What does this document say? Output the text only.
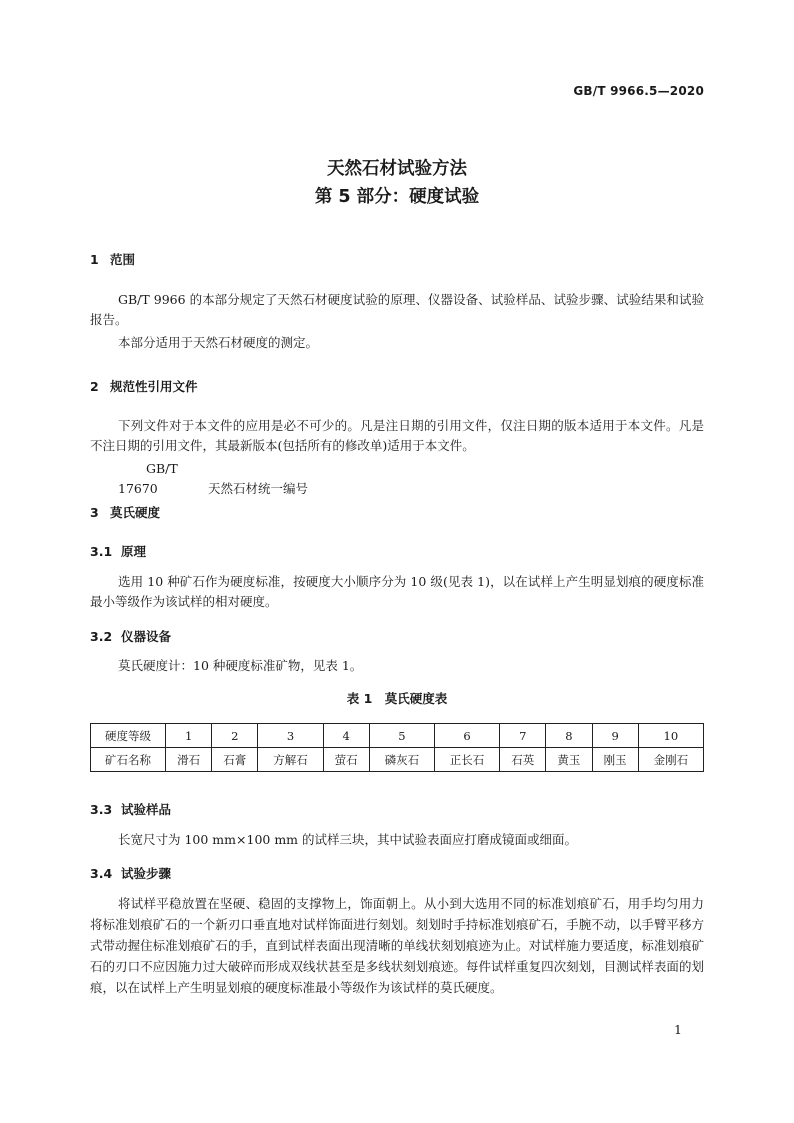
GB/T 9966.5—2020
天然石材试验方法
第 5 部分：硬度试验
1 范围
GB/T 9966 的本部分规定了天然石材硬度试验的原理、仪器设备、试验样品、试验步骤、试验结果和试验报告。
本部分适用于天然石材硬度的测定。
2 规范性引用文件
下列文件对于本文件的应用是必不可少的。凡是注日期的引用文件，仅注日期的版本适用于本文件。凡是不注日期的引用文件，其最新版本(包括所有的修改单)适用于本文件。
GB/T 17670	天然石材统一编号
3 莫氏硬度
3.1 原理
选用 10 种矿石作为硬度标准，按硬度大小顺序分为 10 级(见表 1)，以在试样上产生明显划痕的硬度标准最小等级作为该试样的相对硬度。
3.2 仪器设备
莫氏硬度计：10 种硬度标准矿物，见表 1。
表 1　莫氏硬度表
硬度等级	1	2	3	4	5	6	7	8	9	10
矿石名称	滑石	石膏	方解石	萤石	磷灰石	正长石	石英	黄玉	刚玉	金刚石
3.3 试验样品
长宽尺寸为 100 mm×100 mm 的试样三块，其中试验表面应打磨成镜面或细面。
3.4 试验步骤
将试样平稳放置在坚硬、稳固的支撑物上，饰面朝上。从小到大选用不同的标准划痕矿石，用手均匀用力将标准划痕矿石的一个新刃口垂直地对试样饰面进行刻划。刻划时手持标准划痕矿石，手腕不动，以手臂平移方式带动握住标准划痕矿石的手，直到试样表面出现清晰的单线状刻划痕迹为止。对试样施力要适度，标准划痕矿石的刃口不应因施力过大破碎而形成双线状甚至是多线状刻划痕迹。每件试样重复四次刻划，目测试样表面的划痕，以在试样上产生明显划痕的硬度标准最小等级作为该试样的莫氏硬度。
1
